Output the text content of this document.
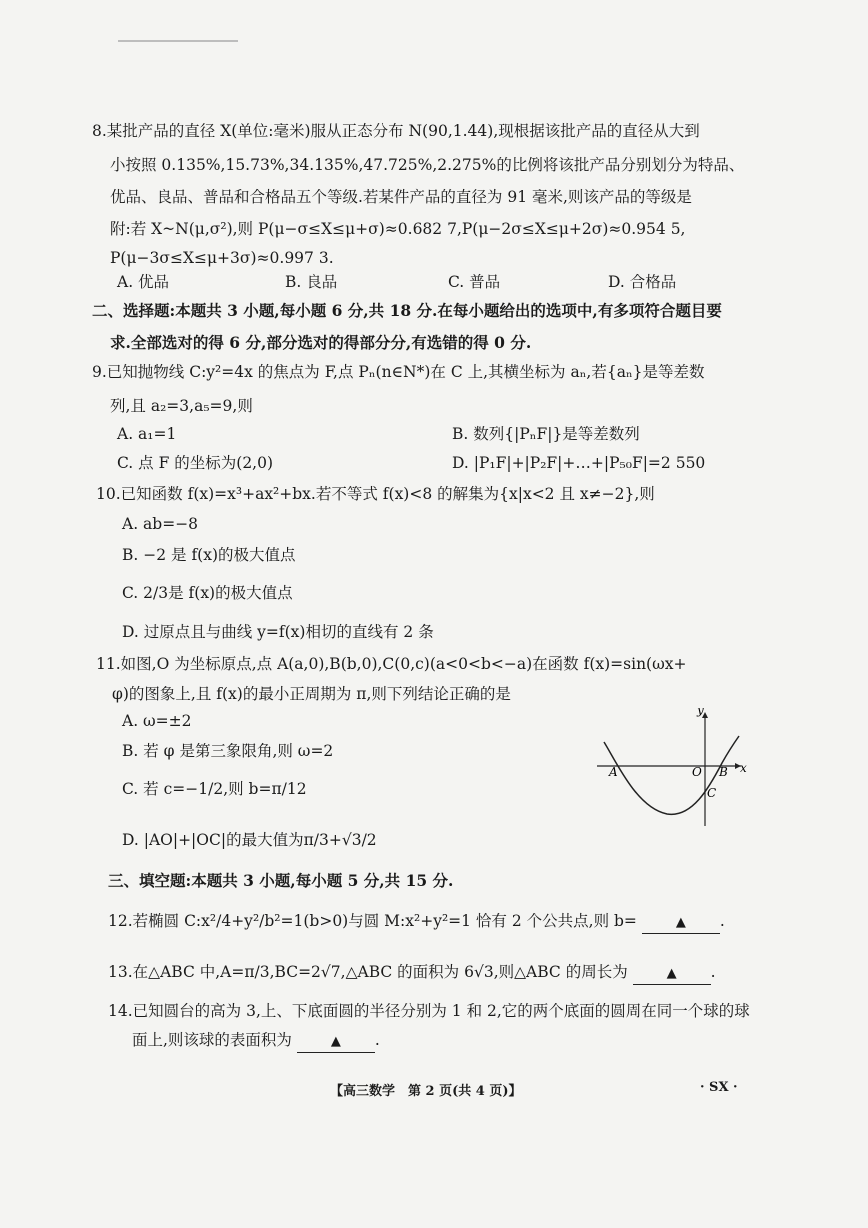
8.某批产品的直径 X(单位:毫米)服从正态分布 N(90,1.44),现根据该批产品的直径从大到
小按照 0.135%,15.73%,34.135%,47.725%,2.275%的比例将该批产品分别划分为特品、
优品、良品、普品和合格品五个等级.若某件产品的直径为 91 毫米,则该产品的等级是
附:若 X~N(μ,σ²),则 P(μ−σ≤X≤μ+σ)≈0.682 7,P(μ−2σ≤X≤μ+2σ)≈0.954 5,
P(μ−3σ≤X≤μ+3σ)≈0.997 3.
A. 优品	B. 良品	C. 普品	D. 合格品
二、选择题:本题共 3 小题,每小题 6 分,共 18 分.在每小题给出的选项中,有多项符合题目要
求.全部选对的得 6 分,部分选对的得部分分,有选错的得 0 分.
9.已知抛物线 C:y²=4x 的焦点为 F,点 Pₙ(n∈N*)在 C 上,其横坐标为 aₙ,若{aₙ}是等差数
列,且 a₂=3,a₅=9,则
A. a₁=1	B. 数列{|PₙF|}是等差数列
C. 点 F 的坐标为(2,0)	D. |P₁F|+|P₂F|+…+|P₅₀F|=2 550
10.已知函数 f(x)=x³+ax²+bx.若不等式 f(x)<8 的解集为{x|x<2 且 x≠−2},则
A. ab=−8
B. −2 是 f(x)的极大值点
C. 2/3是 f(x)的极大值点
D. 过原点且与曲线 y=f(x)相切的直线有 2 条
11.如图,O 为坐标原点,点 A(a,0),B(b,0),C(0,c)(a<0<b<−a)在函数 f(x)=sin(ωx+
φ)的图象上,且 f(x)的最小正周期为 π,则下列结论正确的是
A. ω=±2
B. 若 φ 是第三象限角,则 ω=2
C. 若 c=−1/2,则 b=π/12
D. |AO|+|OC|的最大值为π/3+√3/2
y
x
A	O B
C
三、填空题:本题共 3 小题,每小题 5 分,共 15 分.
12.若椭圆 C:x²/4+y²/b²=1(b>0)与圆 M:x²+y²=1 恰有 2 个公共点,则 b=	▲ .
13.在△ABC 中,A=π/3,BC=2√7,△ABC 的面积为 6√3,则△ABC 的周长为	▲ .
14.已知圆台的高为 3,上、下底面圆的半径分别为 1 和 2,它的两个底面的圆周在同一个球的球
面上,则该球的表面积为	▲ .
【高三数学　第 2 页(共 4 页)】	· SX ·
